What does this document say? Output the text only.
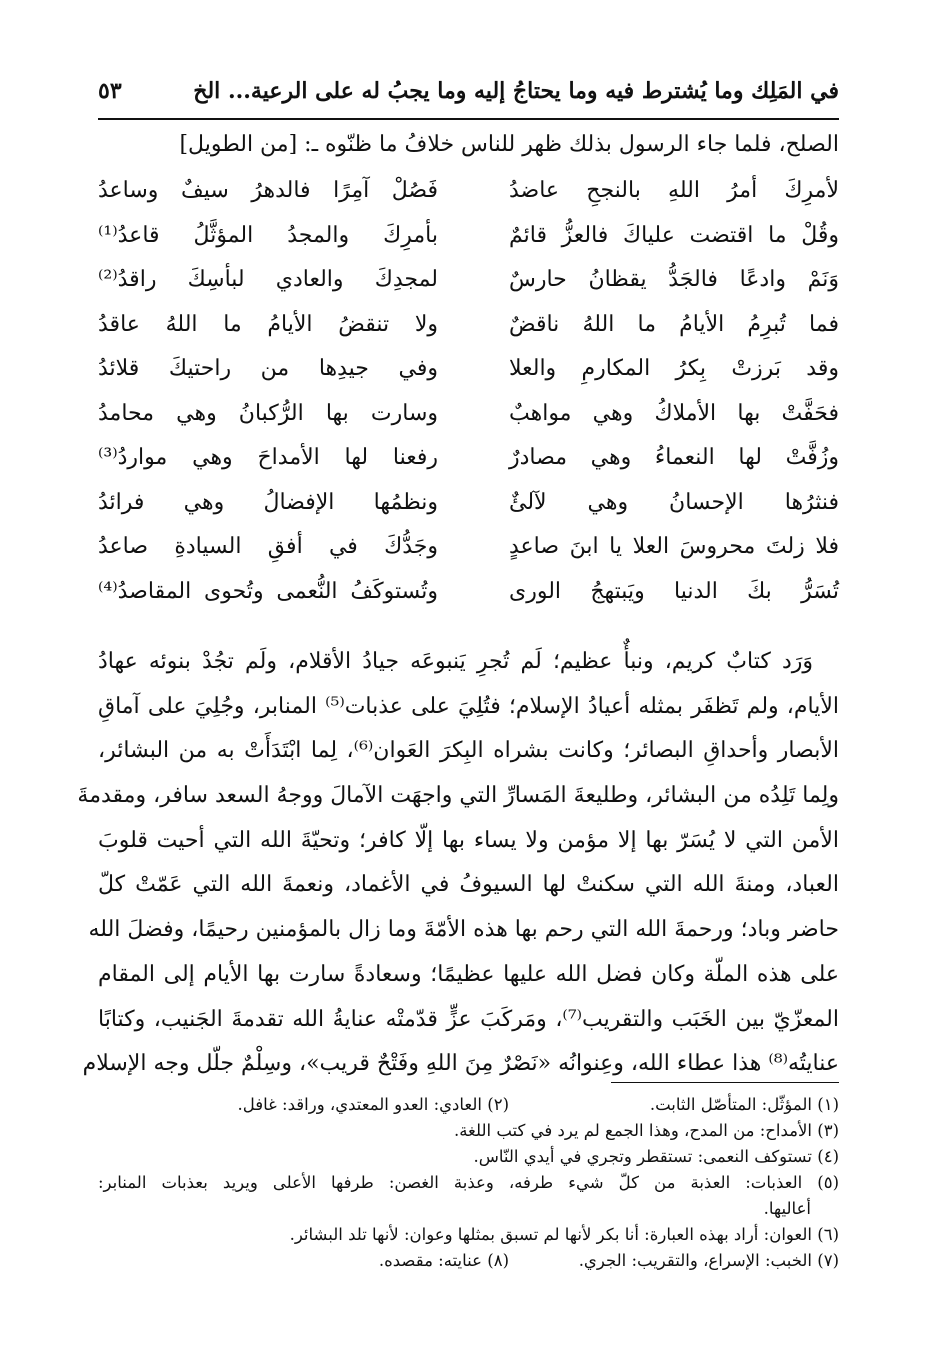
في المَلِك وما يُشترط فيه وما يحتاجُ إليه وما يجبُ له على الرعية... الخ
٥٣
الصلح، فلما جاء الرسول بذلك ظهر للناس خلافُ ما ظنّوه ـ: [من الطويل]
لأمرِكَ أمرُ اللهِ بالنجحِ عاضدُ
فَصُلْ آمِرًا فالدهرُ سيفٌ وساعدُ
وقُلْ ما اقتضت علياكَ فالعزُّ قائمٌ
بأمرِكَ والمجدُ المؤثَّلُ قاعدُ⁽¹⁾
وَنَمْ وادعًا فالجَدُّ يقظانُ حارسٌ
لمجدِكَ والعادي لبأسِكَ راقدُ⁽²⁾
فما تُبرِمُ الأيامُ ما اللهُ ناقضٌ
ولا تنقضُ الأيامُ ما اللهُ عاقدُ
وقد بَرزتْ بِكرُ المكارمِ والعلا
وفي جيدِها من راحتيكَ قلائدُ
فحَفَّتْ بها الأملاكُ وهي مواهبٌ
وسارت بها الرُّكبانُ وهي محامدُ
وزُفَّتْ لها النعماءُ وهي مصادرٌ
رفعنا لها الأمداحَ وهي مواردُ⁽³⁾
فنثرُها الإحسانُ وهي لآلئٌ
ونظمُها الإفضالُ وهي فرائدُ
فلا زلتَ محروسَ العلا يا ابنَ صاعدٍ
وجَدُّكَ في أفقِ السيادةِ صاعدُ
تُسَرُّ بكَ الدنيا ويَبتهجُ الورى
وتُستوكَفُ النُّعمى وتُحوى المقاصدُ⁽⁴⁾
وَرَد كتابٌ كريم، ونبأٌ عظيم؛ لَم تُجرِ يَنبوعَه جيادُ الأقلام، ولَم تجُدْ بنوئه عهادُ
الأيام، ولم تَظفَر بمثله أعيادُ الإسلام؛ فتُلِيَ على عذبات⁽⁵⁾ المنابر، وجُلِيَ على آماقِ
الأبصار وأحداقِ البصائر؛ وكانت بشراه البِكرَ العَوان⁽⁶⁾، لِما ابْتَدَأَتْ به من البشائر،
ولِما تَلِدُه من البشائر، وطليعةَ المَسارِّ التي واجهَت الآمالَ ووجهُ السعد سافر، ومقدمةَ
الأمن التي لا يُسَرّ بها إلا مؤمن ولا يساء بها إلّا كافر؛ وتحيّةَ الله التي أحيت قلوبَ
العباد، ومنةَ الله التي سكنتْ لها السيوفُ في الأغماد، ونعمةَ الله التي عَمّتْ كلّ
حاضر وباد؛ ورحمةَ الله التي رحم بها هذه الأمّةَ وما زال بالمؤمنين رحيمًا، وفضلَ الله
على هذه الملّة وكان فضل الله عليها عظيمًا؛ وسعادةً سارت بها الأيام إلى المقام
المعزّيّ بين الخَبَب والتقريب⁽⁷⁾، ومَركَبَ عزٍّ قدّمتْه عنايةُ الله تقدمةَ الجَنيب، وكتابًا
عنايتُه⁽⁸⁾ هذا عطاء الله، وعِنوانُه «نَصْرٌ مِنَ اللهِ وفَتْحٌ قريب»، وسِلْمٌ جلّل وجه الإسلام
(١) المؤثّل: المتأصّل الثابت.
(٢) العادي: العدو المعتدي، وراقد: غافل.
(٣) الأمداح: من المدح، وهذا الجمع لم يرد في كتب اللغة.
(٤) تستوكف النعمى: تستقطر وتجري في أيدي النّاس.
(٥) العذبات: العذبة من كلّ شيء طرفه، وعذبة الغصن: طرفها الأعلى ويريد بعذبات المنابر:
أعاليها.
(٦) العوان: أراد بهذه العبارة: أنا بكر لأنها لم تسبق بمثلها وعوان: لأنها تلد البشائر.
(٧) الخبب: الإسراع، والتقريب: الجري.
(٨) عنايته: مقصده.
